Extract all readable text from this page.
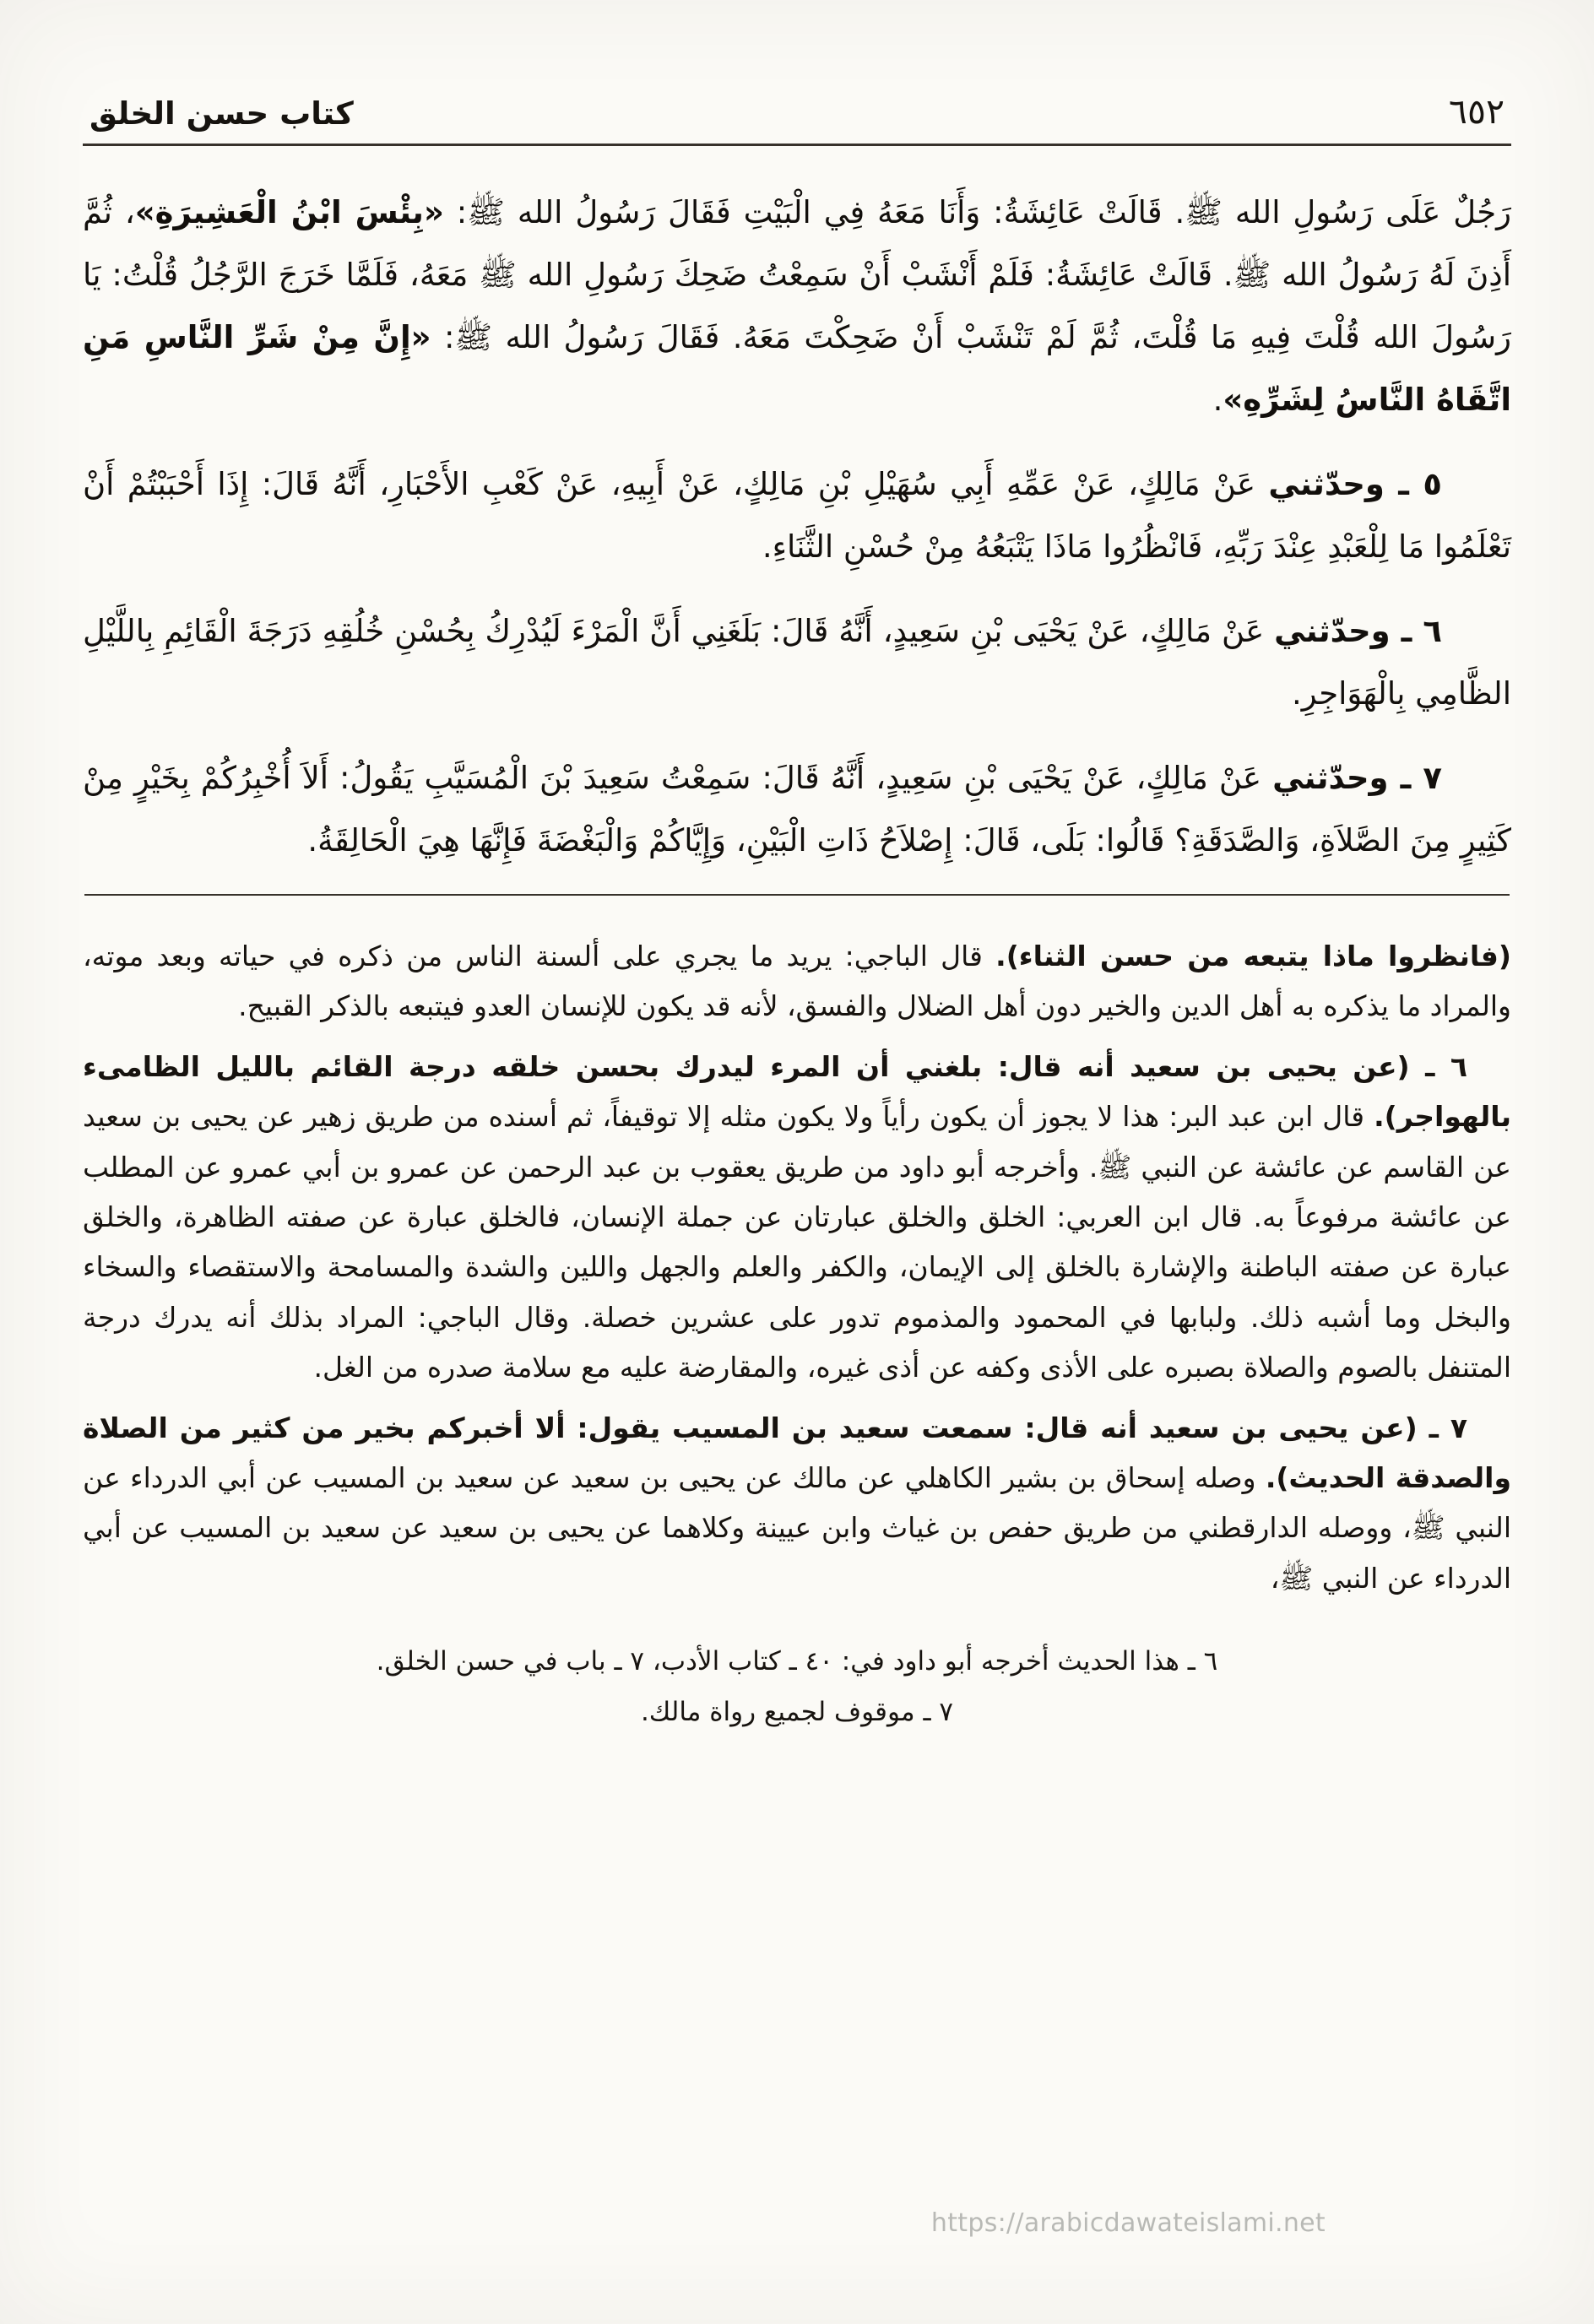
كتاب حسن الخلق	٦٥٢

رَجُلٌ عَلَى رَسُولِ الله ﷺ. قَالَتْ عَائِشَةُ: وَأَنَا مَعَهُ فِي الْبَيْتِ فَقَالَ رَسُولُ الله ﷺ: «بِئْسَ ابْنُ الْعَشِيرَةِ»، ثُمَّ أَذِنَ لَهُ رَسُولُ الله ﷺ. قَالَتْ عَائِشَةُ: فَلَمْ أَنْشَبْ أَنْ سَمِعْتُ ضَحِكَ رَسُولِ الله ﷺ مَعَهُ، فَلَمَّا خَرَجَ الرَّجُلُ قُلْتُ: يَا رَسُولَ الله قُلْتَ فِيهِ مَا قُلْتَ، ثُمَّ لَمْ تَنْشَبْ أَنْ ضَحِكْتَ مَعَهُ. فَقَالَ رَسُولُ الله ﷺ: «إِنَّ مِنْ شَرِّ النَّاسِ مَنِ اتَّقَاهُ النَّاسُ لِشَرِّهِ».

٥ ـ وحدّثني عَنْ مَالِكٍ، عَنْ عَمِّهِ أَبِي سُهَيْلِ بْنِ مَالِكٍ، عَنْ أَبِيهِ، عَنْ كَعْبِ الأَحْبَارِ، أَنَّهُ قَالَ: إِذَا أَحْبَبْتُمْ أَنْ تَعْلَمُوا مَا لِلْعَبْدِ عِنْدَ رَبِّهِ، فَانْظُرُوا مَاذَا يَتْبَعُهُ مِنْ حُسْنِ الثَّنَاءِ.

٦ ـ وحدّثني عَنْ مَالِكٍ، عَنْ يَحْيَى بْنِ سَعِيدٍ، أَنَّهُ قَالَ: بَلَغَنِي أَنَّ الْمَرْءَ لَيُدْرِكُ بِحُسْنِ خُلُقِهِ دَرَجَةَ الْقَائِمِ بِاللَّيْلِ الظَّامِي بِالْهَوَاجِرِ.

٧ ـ وحدّثني عَنْ مَالِكٍ، عَنْ يَحْيَى بْنِ سَعِيدٍ، أَنَّهُ قَالَ: سَمِعْتُ سَعِيدَ بْنَ الْمُسَيَّبِ يَقُولُ: أَلاَ أُخْبِرُكُمْ بِخَيْرٍ مِنْ كَثِيرٍ مِنَ الصَّلاَةِ، وَالصَّدَقَةِ؟ قَالُوا: بَلَى، قَالَ: إِصْلاَحُ ذَاتِ الْبَيْنِ، وَإِيَّاكُمْ وَالْبَغْضَةَ فَإِنَّهَا هِيَ الْحَالِقَةُ.

(فانظروا ماذا يتبعه من حسن الثناء). قال الباجي: يريد ما يجري على ألسنة الناس من ذكره في حياته وبعد موته، والمراد ما يذكره به أهل الدين والخير دون أهل الضلال والفسق، لأنه قد يكون للإنسان العدو فيتبعه بالذكر القبيح.

٦ ـ (عن يحيى بن سعيد أنه قال: بلغني أن المرء ليدرك بحسن خلقه درجة القائم بالليل الظامىء بالهواجر). قال ابن عبد البر: هذا لا يجوز أن يكون رأياً ولا يكون مثله إلا توقيفاً، ثم أسنده من طريق زهير عن يحيى بن سعيد عن القاسم عن عائشة عن النبي ﷺ. وأخرجه أبو داود من طريق يعقوب بن عبد الرحمن عن عمرو بن أبي عمرو عن المطلب عن عائشة مرفوعاً به. قال ابن العربي: الخلق والخلق عبارتان عن جملة الإنسان، فالخلق عبارة عن صفته الظاهرة، والخلق عبارة عن صفته الباطنة والإشارة بالخلق إلى الإيمان، والكفر والعلم والجهل واللين والشدة والمسامحة والاستقصاء والسخاء والبخل وما أشبه ذلك. ولبابها في المحمود والمذموم تدور على عشرين خصلة. وقال الباجي: المراد بذلك أنه يدرك درجة المتنفل بالصوم والصلاة بصبره على الأذى وكفه عن أذى غيره، والمقارضة عليه مع سلامة صدره من الغل.

٧ ـ (عن يحيى بن سعيد أنه قال: سمعت سعيد بن المسيب يقول: ألا أخبركم بخير من كثير من الصلاة والصدقة الحديث). وصله إسحاق بن بشير الكاهلي عن مالك عن يحيى بن سعيد عن سعيد بن المسيب عن أبي الدرداء عن النبي ﷺ، ووصله الدارقطني من طريق حفص بن غياث وابن عيينة وكلاهما عن يحيى بن سعيد عن سعيد بن المسيب عن أبي الدرداء عن النبي ﷺ،

٦ ـ هذا الحديث أخرجه أبو داود في: ٤٠ ـ كتاب الأدب، ٧ ـ باب في حسن الخلق.

٧ ـ موقوف لجميع رواة مالك.

https://arabicdawateislami.net
